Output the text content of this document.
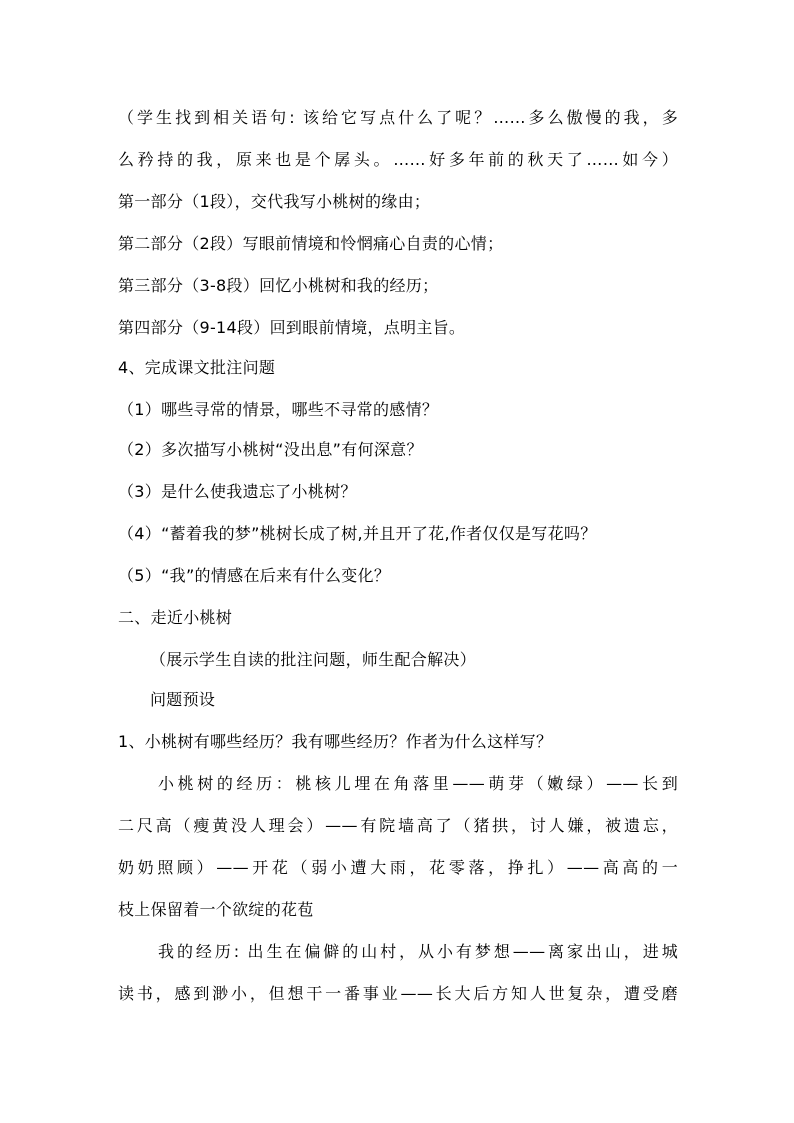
（学生找到相关语句: 该给它写点什么了呢？……多么傲慢的我，多
么矜持的我，原来也是个孱头。……好多年前的秋天了……如今）
第一部分（1段），交代我写小桃树的缘由；
第二部分（2段）写眼前情境和怜惘痛心自责的心情；
第三部分（3-8段）回忆小桃树和我的经历；
第四部分（9-14段）回到眼前情境，点明主旨。
4、完成课文批注问题
（1）哪些寻常的情景，哪些不寻常的感情？
（2）多次描写小桃树“没出息”有何深意？
（3）是什么使我遗忘了小桃树？
（4）“蓄着我的梦”桃树长成了树,并且开了花,作者仅仅是写花吗？
（5）“我”的情感在后来有什么变化？
二、走近小桃树
（展示学生自读的批注问题，师生配合解决）
问题预设
1、小桃树有哪些经历？我有哪些经历？作者为什么这样写？
小桃树的经历：桃核儿埋在角落里——萌芽（嫩绿）——长到
二尺高（瘦黄没人理会）——有院墙高了（猪拱，讨人嫌，被遗忘，
奶奶照顾）——开花（弱小遭大雨，花零落，挣扎）——高高的一
枝上保留着一个欲绽的花苞
我的经历: 出生在偏僻的山村，从小有梦想——离家出山，进城
读书，感到渺小，但想干一番事业——长大后方知人世复杂，遭受磨
